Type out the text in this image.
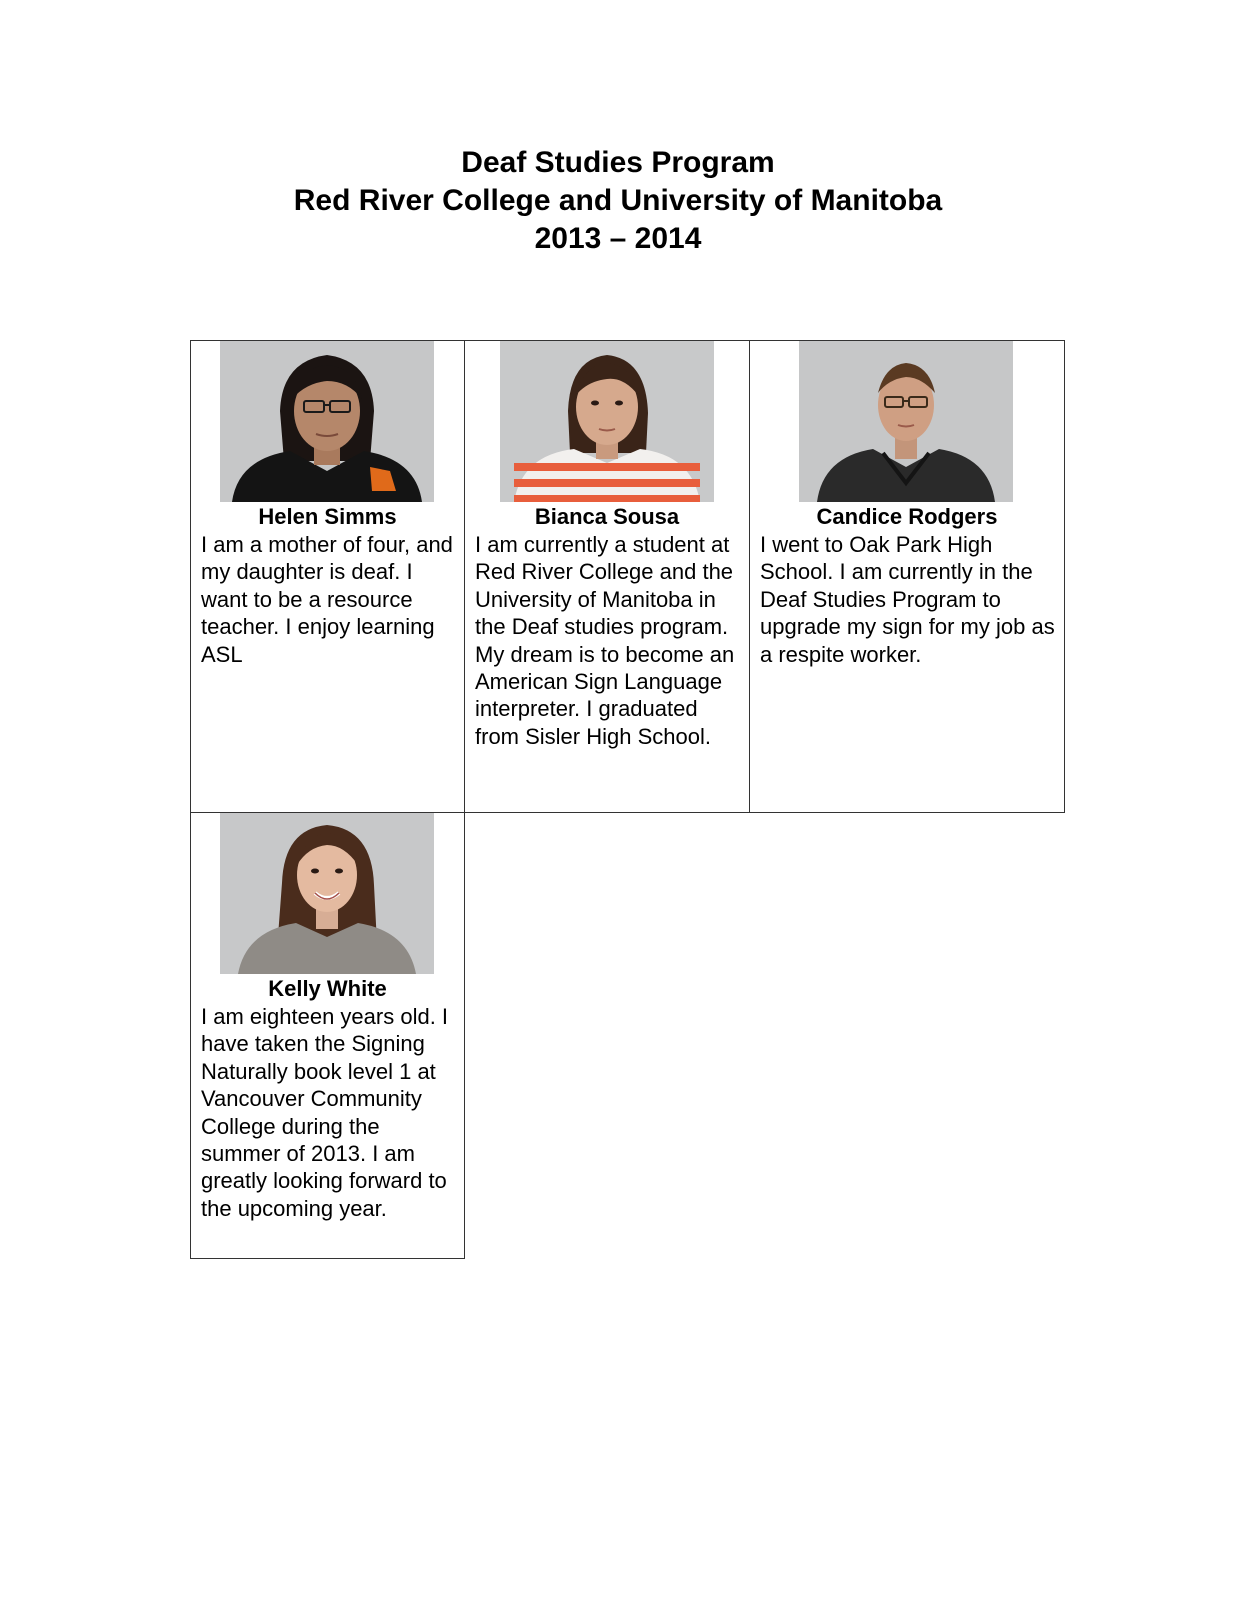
Deaf Studies Program
Red River College and University of Manitoba
2013 – 2014
Helen Simms

I am a mother of four, and my daughter is deaf. I want to be a resource teacher. I enjoy learning ASL

Bianca Sousa

I am currently a student at Red River College and the University of Manitoba in the Deaf studies program. My dream is to become an American Sign Language interpreter. I graduated from Sisler High School.

Candice Rodgers

I went to Oak Park High School. I am currently in the Deaf Studies Program to upgrade my sign for my job as a respite worker.

Kelly White

I am eighteen years old. I have taken the Signing Naturally book level 1 at Vancouver Community College during the summer of 2013. I am greatly looking forward to the upcoming year.
